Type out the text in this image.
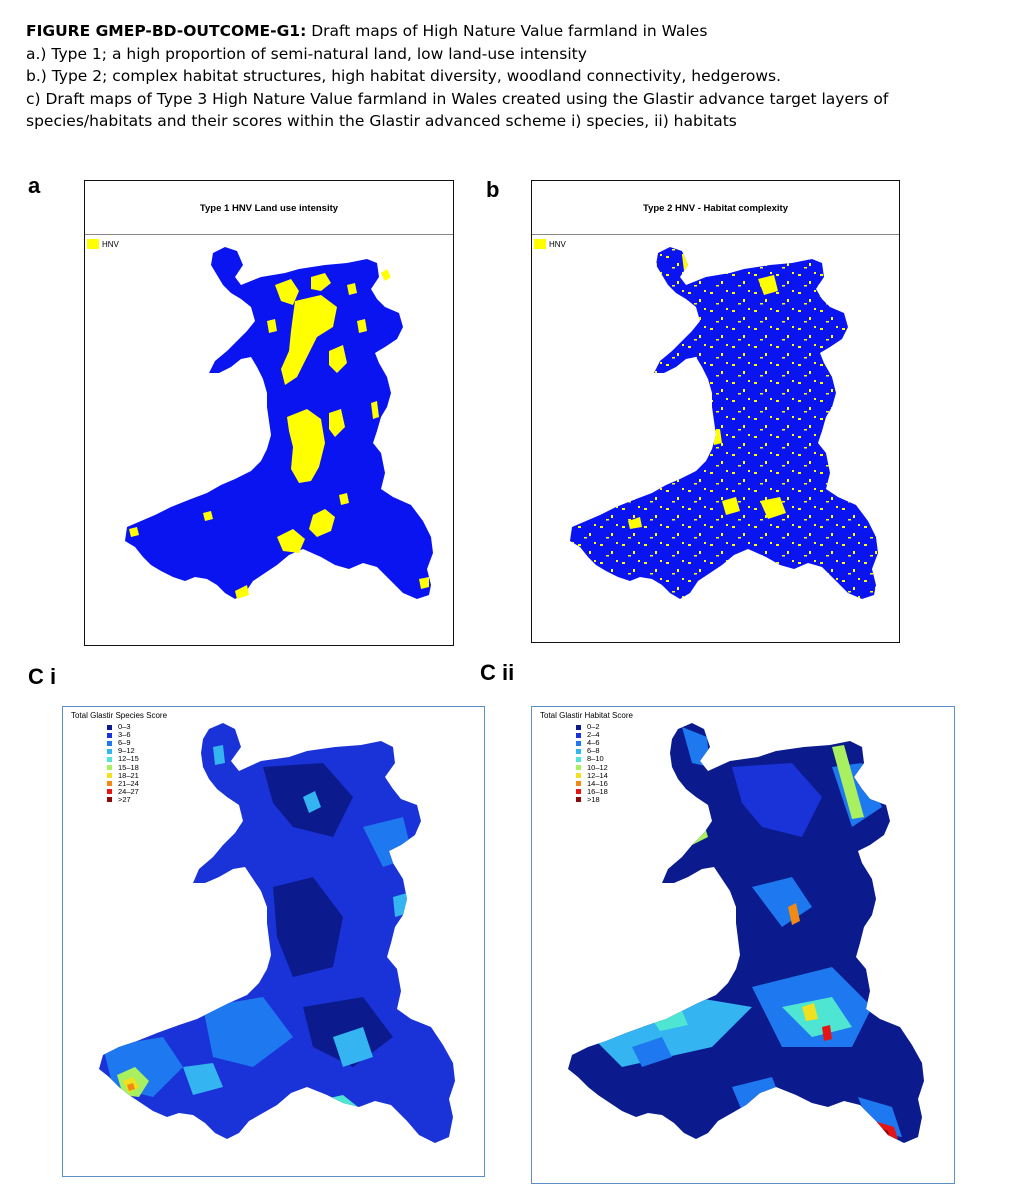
FIGURE GMEP-BD-OUTCOME-G1: Draft maps of High Nature Value farmland in Wales
a.) Type 1; a high proportion of semi-natural land, low land-use intensity
b.) Type 2; complex habitat structures, high habitat diversity, woodland connectivity, hedgerows.
c) Draft maps of Type 3 High Nature Value farmland in Wales created using the Glastir advance target layers of
species/habitats and their scores within the Glastir advanced scheme i) species, ii) habitats
a
Type 1 HNV Land use intensity
HNV
b
Type 2 HNV - Habitat complexity
HNV
C i
Total Glastir Species Score
0–3
3–6
6–9
9–12
12–15
15–18
18–21
21–24
24–27
>27
C ii
Total Glastir Habitat Score
0–2
2–4
4–6
6–8
8–10
10–12
12–14
14–16
16–18
>18
